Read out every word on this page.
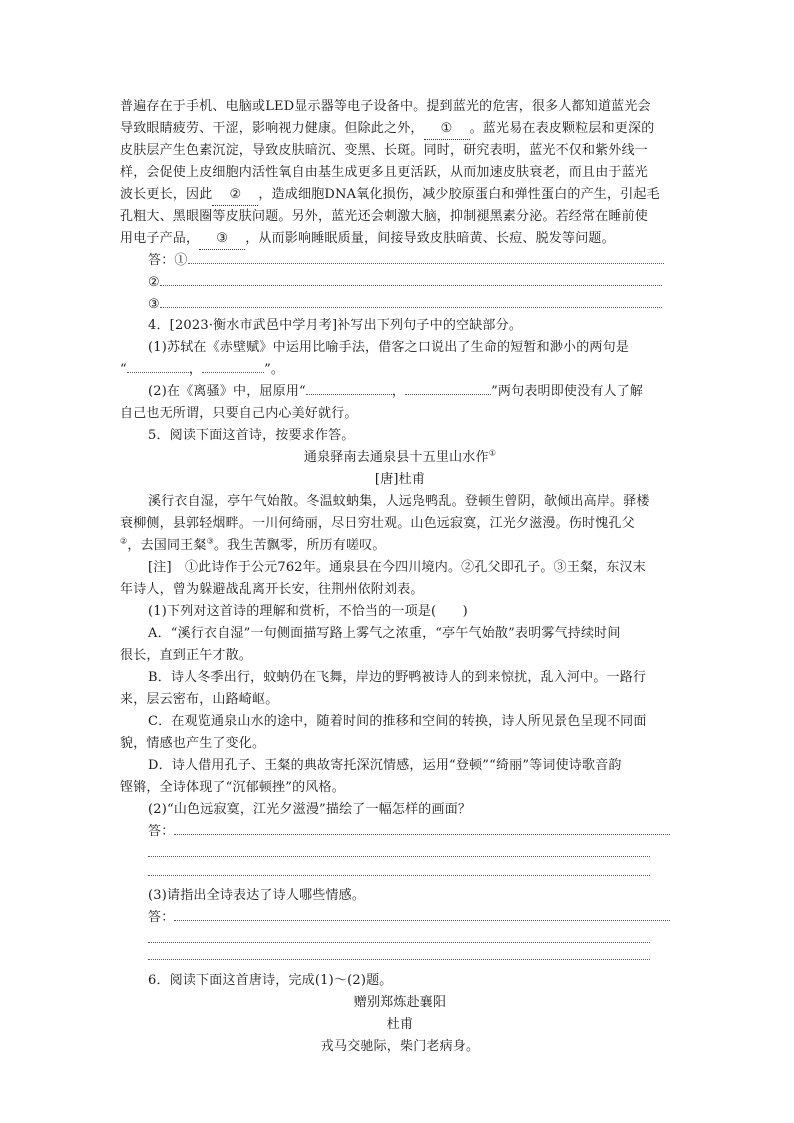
普遍存在于手机、电脑或LED显示器等电子设备中。提到蓝光的危害，很多人都知道蓝光会
导致眼睛疲劳、干涩，影响视力健康。但除此之外， ① 。蓝光易在表皮颗粒层和更深的
皮肤层产生色素沉淀，导致皮肤暗沉、变黑、长斑。同时，研究表明，蓝光不仅和紫外线一
样，会促使上皮细胞内活性氧自由基生成更多且更活跃，从而加速皮肤衰老，而且由于蓝光
波长更长，因此 ② ，造成细胞DNA氧化损伤，减少胶原蛋白和弹性蛋白的产生，引起毛
孔粗大、黑眼圈等皮肤问题。另外，蓝光还会刺激大脑，抑制褪黑素分泌。若经常在睡前使
用电子产品， ③ ，从而影响睡眠质量，间接导致皮肤暗黄、长痘、脱发等问题。
答：①
②
③
4．[2023·衡水市武邑中学月考]补写出下列句子中的空缺部分。
(1)苏轼在《赤壁赋》中运用比喻手法，借客之口说出了生命的短暂和渺小的两句是
“	，	”。
(2)在《离骚》中，屈原用“	，	”两句表明即使没有人了解
自己也无所谓，只要自己内心美好就行。
5．阅读下面这首诗，按要求作答。
通泉驿南去通泉县十五里山水作①
[唐]杜甫
溪行衣自湿，亭午气始散。冬温蚊蚋集，人远凫鸭乱。登顿生曾阴，欹倾出高岸。驿楼
衰柳侧，县郭轻烟畔。一川何绮丽，尽日穷壮观。山色远寂寞，江光夕滋漫。伤时愧孔父
②，去国同王粲③。我生苦飘零，所历有嗟叹。
[注]　①此诗作于公元762年。通泉县在今四川境内。②孔父即孔子。③王粲，东汉末
年诗人，曾为躲避战乱离开长安，往荆州依附刘表。
(1)下列对这首诗的理解和赏析，不恰当的一项是(　　)
A．“溪行衣自湿”一句侧面描写路上雾气之浓重，“亭午气始散”表明雾气持续时间
很长，直到正午才散。
B．诗人冬季出行，蚊蚋仍在飞舞，岸边的野鸭被诗人的到来惊扰，乱入河中。一路行
来，层云密布，山路崎岖。
C．在观览通泉山水的途中，随着时间的推移和空间的转换，诗人所见景色呈现不同面
貌，情感也产生了变化。
D．诗人借用孔子、王粲的典故寄托深沉情感，运用“登顿”“绮丽”等词使诗歌音韵
铿锵，全诗体现了“沉郁顿挫”的风格。
(2)“山色远寂寞，江光夕滋漫”描绘了一幅怎样的画面？
答：
(3)请指出全诗表达了诗人哪些情感。
答：
6．阅读下面这首唐诗，完成(1)～(2)题。
赠别郑炼赴襄阳
杜甫
戎马交驰际，柴门老病身。
